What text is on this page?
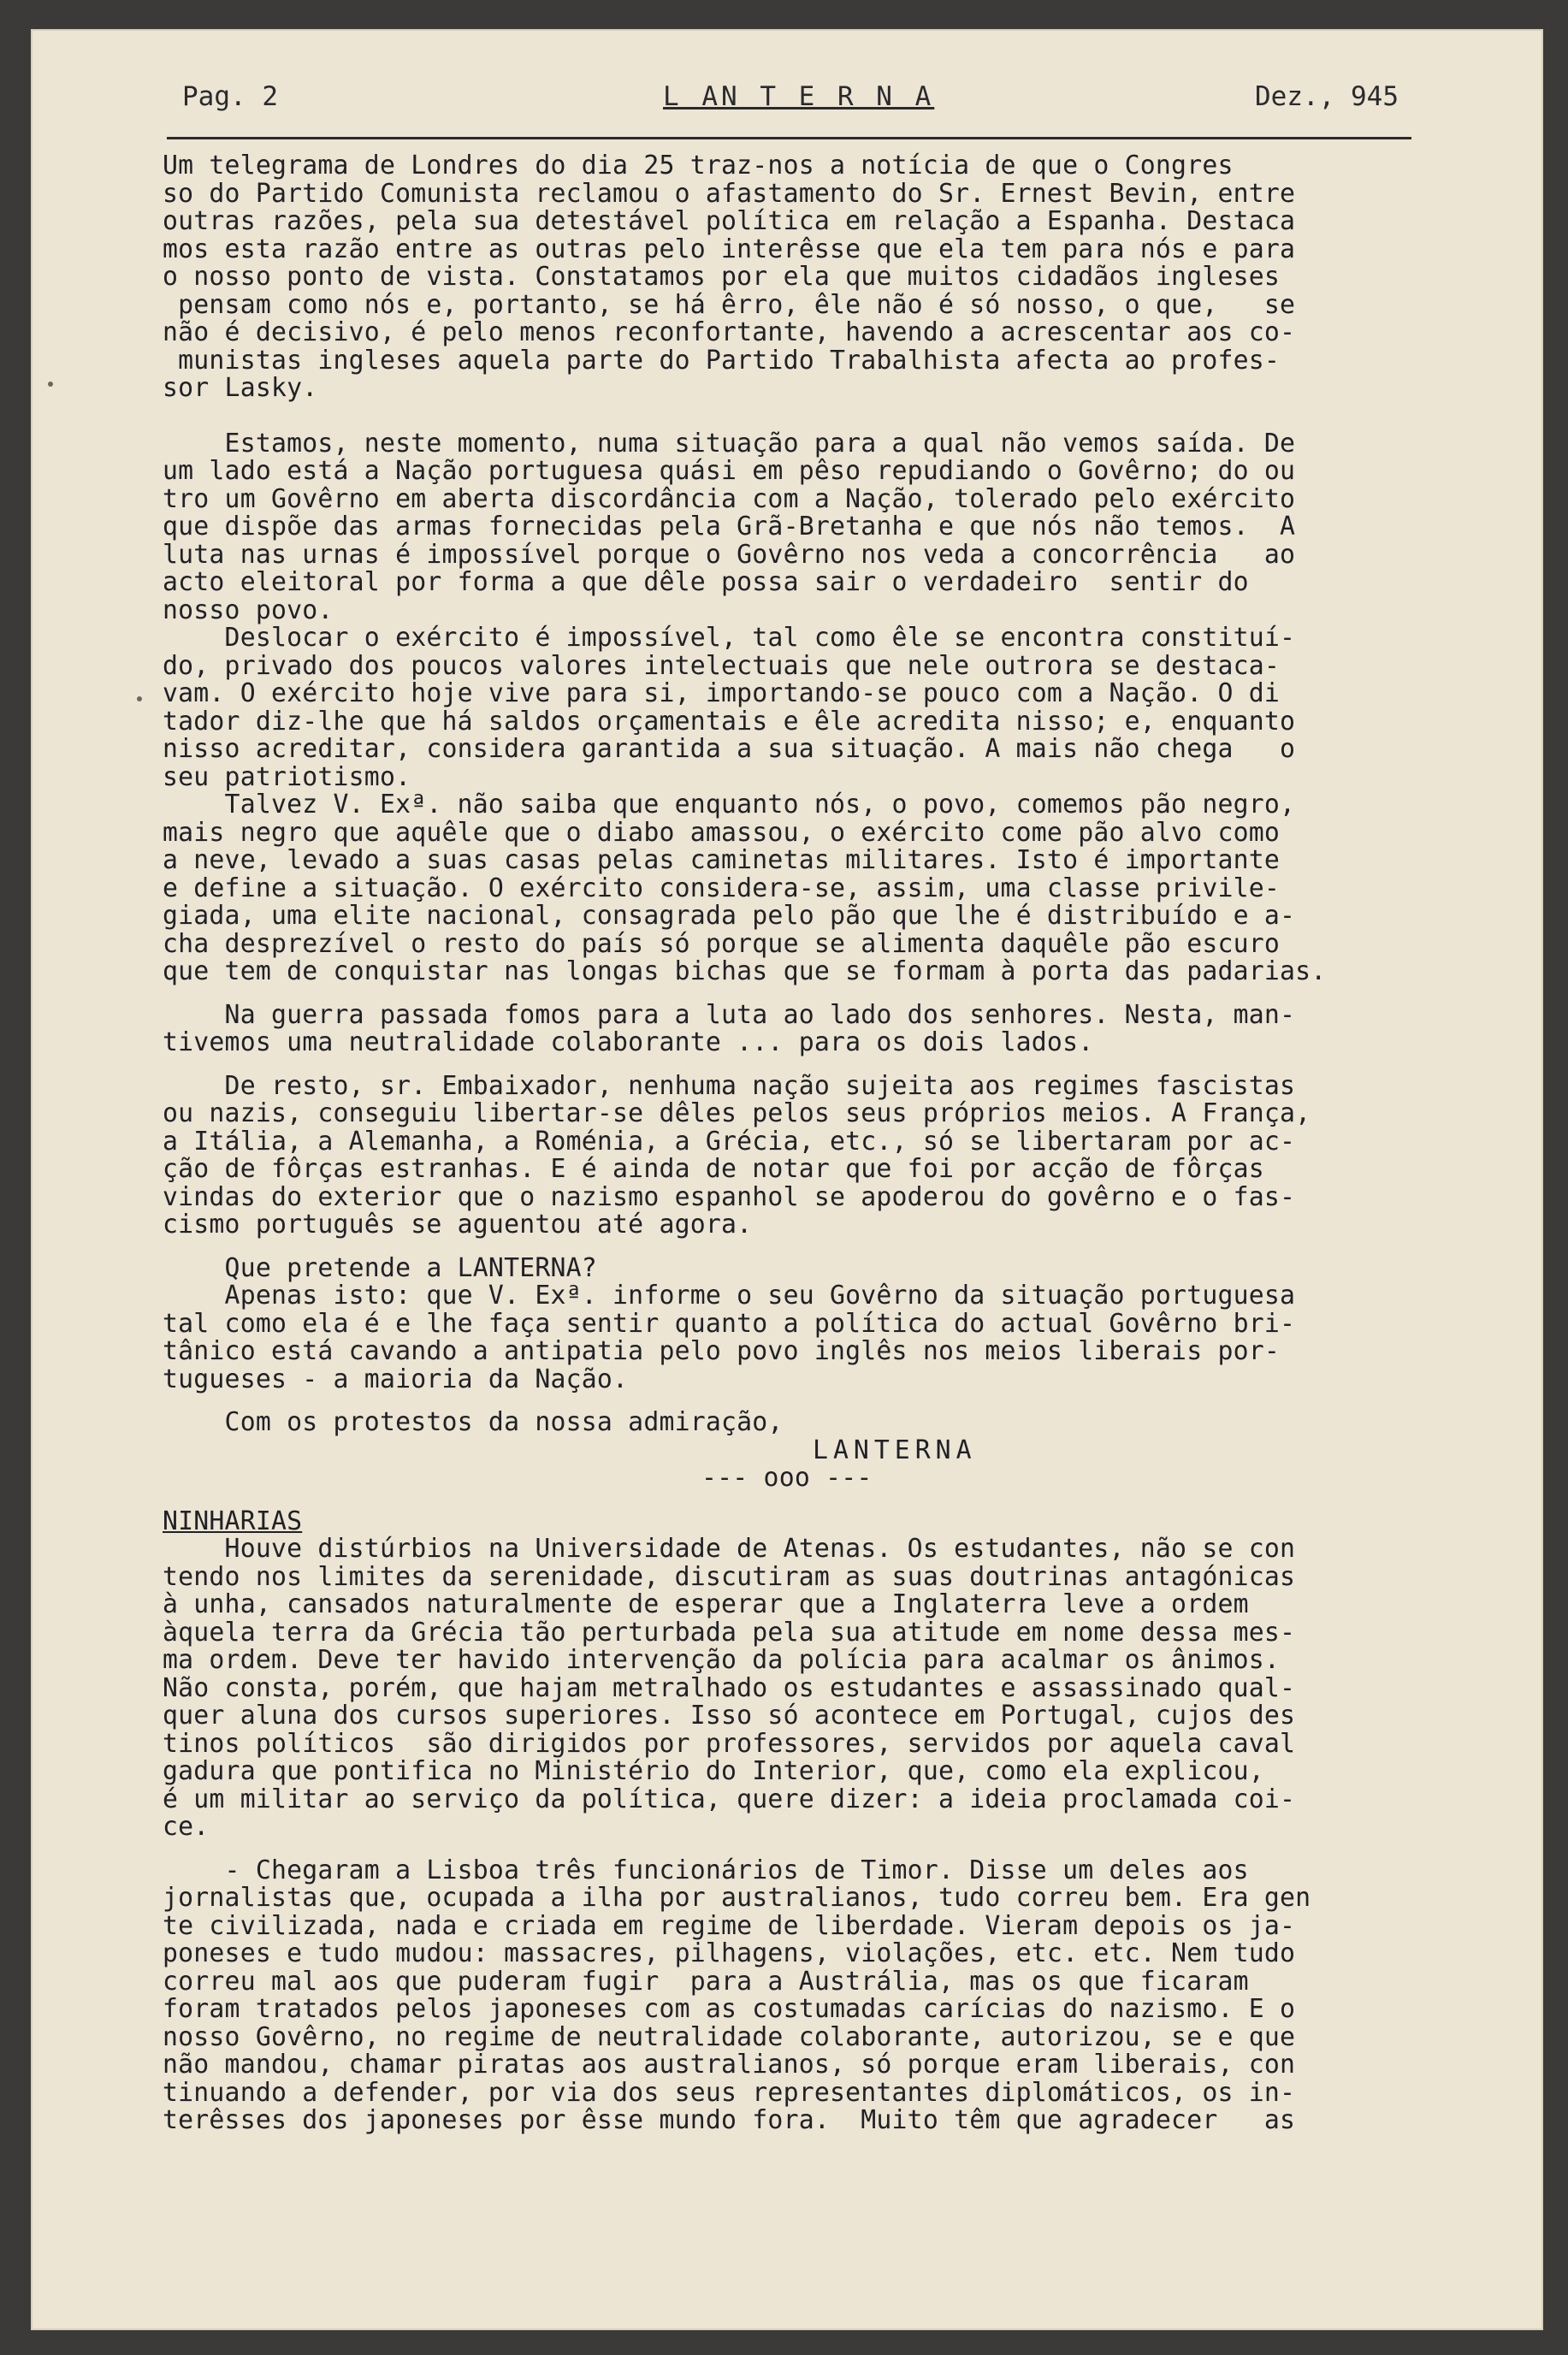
Pag. 2	L AN T E R N A	Dez., 945

Um telegrama de Londres do dia 25 traz-nos a notícia de que o Congres

so do Partido Comunista reclamou o afastamento do Sr. Ernest Bevin, entre

outras razões, pela sua detestável política em relação a Espanha. Destaca

mos esta razão entre as outras pelo interêsse que ela tem para nós e para

o nosso ponto de vista. Constatamos por ela que muitos cidadãos ingleses

pensam como nós e, portanto, se há êrro, êle não é só nosso, o que,   se

não é decisivo, é pelo menos reconfortante, havendo a acrescentar aos co-

munistas ingleses aquela parte do Partido Trabalhista afecta ao profes-

sor Lasky.

Estamos, neste momento, numa situação para a qual não vemos saída. De

um lado está a Nação portuguesa quási em pêso repudiando o Govêrno; do ou

tro um Govêrno em aberta discordância com a Nação, tolerado pelo exército

que dispõe das armas fornecidas pela Grã-Bretanha e que nós não temos.  A

luta nas urnas é impossível porque o Govêrno nos veda a concorrência   ao

acto eleitoral por forma a que dêle possa sair o verdadeiro  sentir do

nosso povo.

Deslocar o exército é impossível, tal como êle se encontra constituí-

do, privado dos poucos valores intelectuais que nele outrora se destaca-

vam. O exército hoje vive para si, importando-se pouco com a Nação. O di

tador diz-lhe que há saldos orçamentais e êle acredita nisso; e, enquanto

nisso acreditar, considera garantida a sua situação. A mais não chega   o

seu patriotismo.

Talvez V. Exª. não saiba que enquanto nós, o povo, comemos pão negro,

mais negro que aquêle que o diabo amassou, o exército come pão alvo como

a neve, levado a suas casas pelas caminetas militares. Isto é importante

e define a situação. O exército considera-se, assim, uma classe privile-

giada, uma elite nacional, consagrada pelo pão que lhe é distribuído e a-

cha desprezível o resto do país só porque se alimenta daquêle pão escuro

que tem de conquistar nas longas bichas que se formam à porta das padarias.

Na guerra passada fomos para a luta ao lado dos senhores. Nesta, man-

tivemos uma neutralidade colaborante ... para os dois lados.

De resto, sr. Embaixador, nenhuma nação sujeita aos regimes fascistas

ou nazis, conseguiu libertar-se dêles pelos seus próprios meios. A França,

a Itália, a Alemanha, a Roménia, a Grécia, etc., só se libertaram por ac-

ção de fôrças estranhas. E é ainda de notar que foi por acção de fôrças

vindas do exterior que o nazismo espanhol se apoderou do govêrno e o fas-

cismo português se aguentou até agora.

Que pretende a LANTERNA?

Apenas isto: que V. Exª. informe o seu Govêrno da situação portuguesa

tal como ela é e lhe faça sentir quanto a política do actual Govêrno bri-

tânico está cavando a antipatia pelo povo inglês nos meios liberais por-

tugueses - a maioria da Nação.

Com os protestos da nossa admiração,

LANTERNA

--- ooo ---

NINHARIAS

Houve distúrbios na Universidade de Atenas. Os estudantes, não se con

tendo nos limites da serenidade, discutiram as suas doutrinas antagónicas

à unha, cansados naturalmente de esperar que a Inglaterra leve a ordem

àquela terra da Grécia tão perturbada pela sua atitude em nome dessa mes-

ma ordem. Deve ter havido intervenção da polícia para acalmar os ânimos.

Não consta, porém, que hajam metralhado os estudantes e assassinado qual-

quer aluna dos cursos superiores. Isso só acontece em Portugal, cujos des

tinos políticos  são dirigidos por professores, servidos por aquela caval

gadura que pontifica no Ministério do Interior, que, como ela explicou,

é um militar ao serviço da política, quere dizer: a ideia proclamada coi-

ce.

- Chegaram a Lisboa três funcionários de Timor. Disse um deles aos

jornalistas que, ocupada a ilha por australianos, tudo correu bem. Era gen

te civilizada, nada e criada em regime de liberdade. Vieram depois os ja-

poneses e tudo mudou: massacres, pilhagens, violações, etc. etc. Nem tudo

correu mal aos que puderam fugir  para a Austrália, mas os que ficaram

foram tratados pelos japoneses com as costumadas carícias do nazismo. E o

nosso Govêrno, no regime de neutralidade colaborante, autorizou, se e que

não mandou, chamar piratas aos australianos, só porque eram liberais, con

tinuando a defender, por via dos seus representantes diplomáticos, os in-

terêsses dos japoneses por êsse mundo fora.  Muito têm que agradecer   as
